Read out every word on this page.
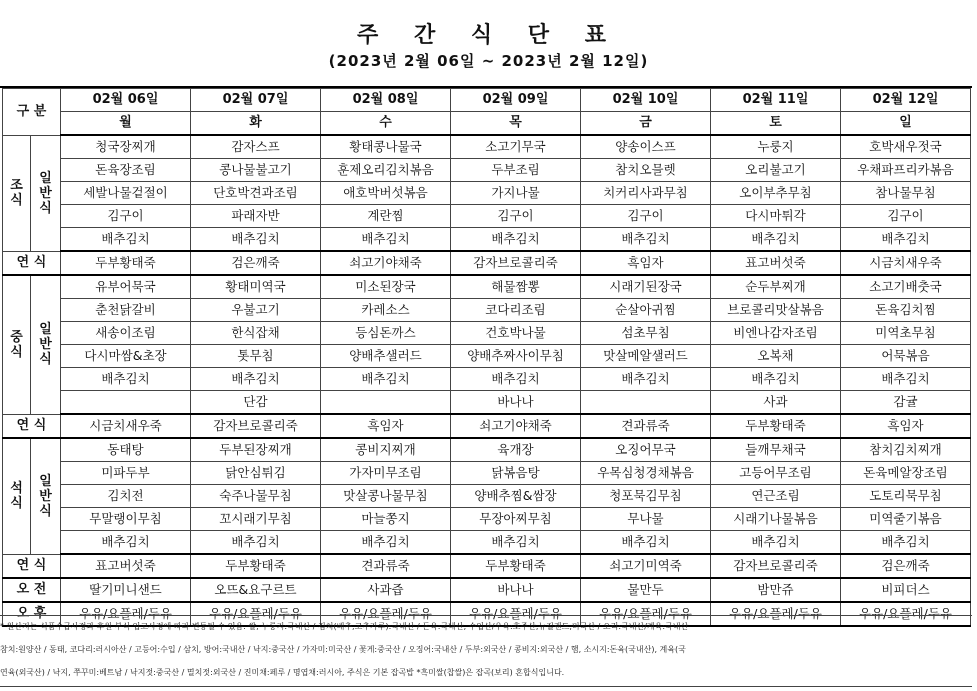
주 간 식 단 표
(2023년 2월 06일 ~ 2023년 2월 12일)
구 분		02월 06일	02월 07일	02월 08일	02월 09일	02월 10일	02월 11일	02월 12일
		월	화	수	목	금	토	일
조 식	일 반 식	청국장찌개	감자스프	황태콩나물국	소고기무국	양송이스프	누룽지	호박새우젓국
		돈육장조림	콩나물불고기	훈제오리김치볶음	두부조림	참치오믈렛	오리불고기	우채파프리카볶음
		세발나물겉절이	단호박견과조림	애호박버섯볶음	가지나물	치커리사과무침	오이부추무침	참나물무침
		김구이	파래자반	계란찜	김구이	김구이	다시마튀각	김구이
		배추김치	배추김치	배추김치	배추김치	배추김치	배추김치	배추김치
연 식		두부황태죽	검은깨죽	쇠고기야채죽	감자브로콜리죽	흑임자	표고버섯죽	시금치새우죽
중 식	일 반 식	유부어묵국	황태미역국	미소된장국	해물짬뽕	시래기된장국	순두부찌개	소고기배춧국
		춘천닭갈비	우불고기	카레소스	코다리조림	순살아귀찜	브로콜리맛살볶음	돈육김치찜
		새송이조림	한식잡채	등심돈까스	건호박나물	섬초무침	비엔나감자조림	미역초무침
		다시마쌈&초장	톳무침	양배추샐러드	양배추짜사이무침	맛살메알샐러드	오복채	어묵볶음
		배추김치	배추김치	배추김치	배추김치	배추김치	배추김치	배추김치
			단감		바나나		사과	감귤
연 식		시금치새우죽	감자브로콜리죽	흑임자	쇠고기야채죽	견과류죽	두부황태죽	흑임자
석 식	일 반 식	동태탕	두부된장찌개	콩비지찌개	육개장	오징어무국	들깨무채국	참치김치찌개
		미파두부	닭안심튀김	가자미무조림	닭볶음탕	우목심청경채볶음	고등어무조림	돈육메알장조림
		김치전	숙주나물무침	맛살콩나물무침	양배추찜&쌈장	청포묵김무침	연근조림	도토리묵무침
		무말랭이무침	꼬시래기무침	마늘쫑지	무장아찌무침	무나물	시래기나물볶음	미역줄기볶음
		배추김치	배추김치	배추김치	배추김치	배추김치	배추김치	배추김치
연 식		표고버섯죽	두부황태죽	견과류죽	두부황태죽	쇠고기미역죽	감자브로콜리죽	검은깨죽
오 전		딸기미니샌드	오뜨&요구르트	사과즙	바나나	물만두	밤만쥬	비피더스
오 후		우유/요플레/두유	우유/요플레/두유	우유/요플레/두유	우유/요플레/두유	우유/요플레/두유	우유/요플레/두유	우유/요플레/두유
* 원산지는 식품수급사정과 후원 부식 입고사정에 따라 변동될 수 있음. 쌀, 누룽지:국내산 / 김치(배추,고추가루):국내산 / 돈육:국내산, 수입산/우육:호주산,뉴질랜드,미국산 / 오리:국내산/계육:국내산
참치:원양산 / 동태, 코다리:러시아산 / 고등어:수입 / 삼치, 방어:국내산 / 낙지:중국산 / 가자미:미국산 / 꽃게:중국산 / 오징어:국내산 / 두부:외국산 / 콩비지:외국산 / 햄, 소시지:돈육(국내산), 계육(국
연육(외국산) / 낙지, 쭈꾸미:베트남 / 낙지젓:중국산 / 멸치젓:외국산 / 진미채:페루 / 명엽채:러시아, 주식은 기본 잡곡밥 *흑미쌀(찹쌀)은 잡곡(보리) 혼합식입니다.
